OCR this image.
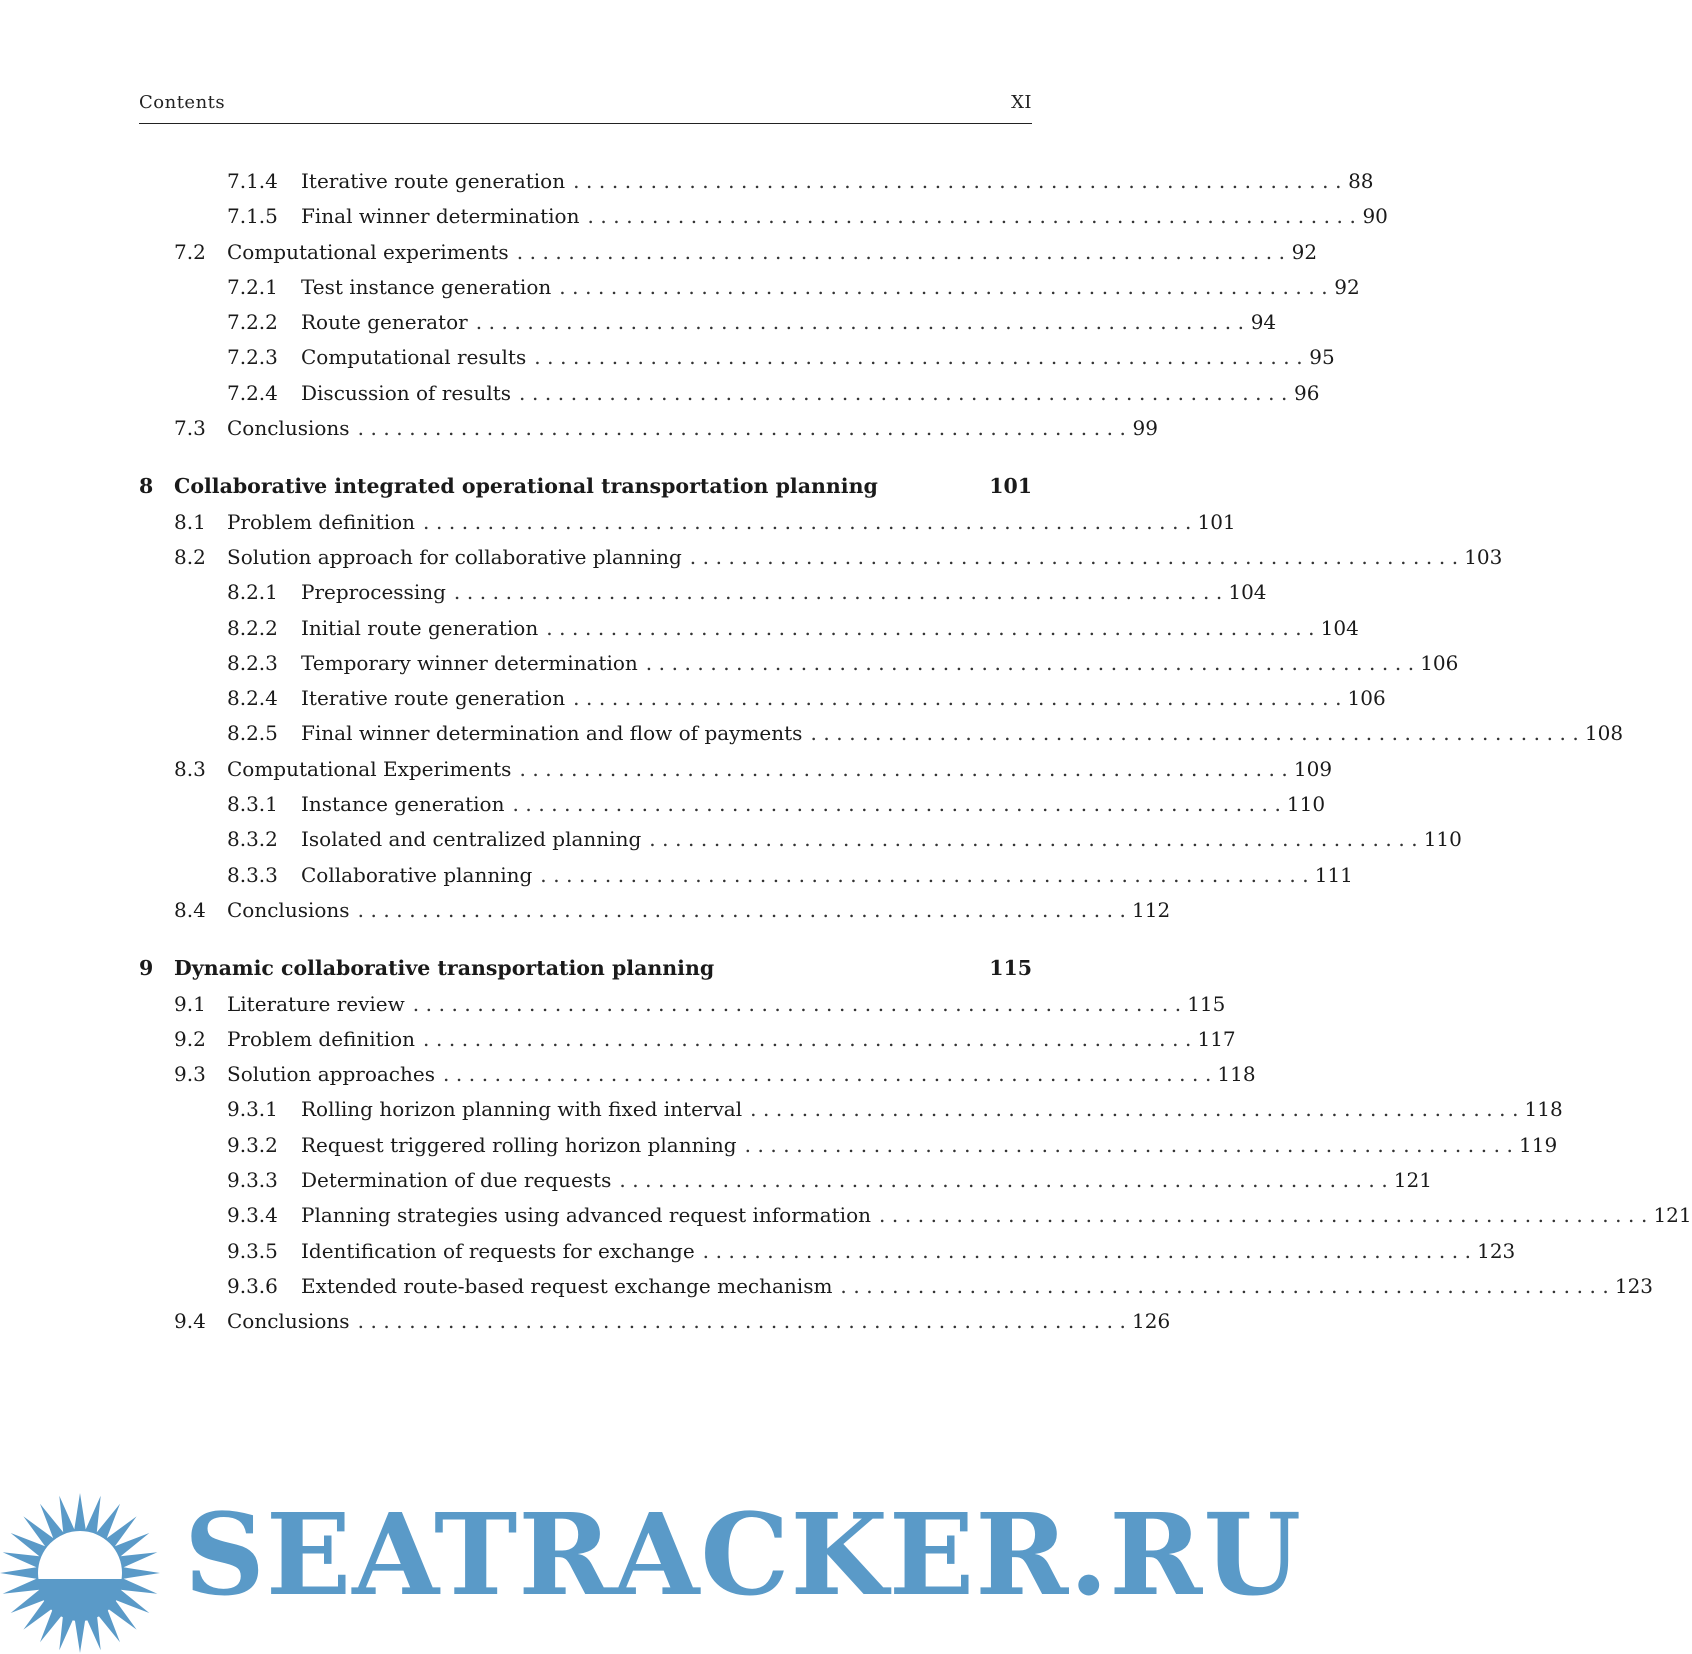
Contents	XI
7.1.4	Iterative route generation . . . . . . . . . . . . . . . . . . . . . . . . . . . . . . . . . . . . . . . . . . . . . . . . . . . . . . . . . . . . 88
7.1.5	Final winner determination . . . . . . . . . . . . . . . . . . . . . . . . . . . . . . . . . . . . . . . . . . . . . . . . . . . . . . . . . . . . 90
7.2	Computational experiments . . . . . . . . . . . . . . . . . . . . . . . . . . . . . . . . . . . . . . . . . . . . . . . . . . . . . . . . . . . . 92
7.2.1	Test instance generation . . . . . . . . . . . . . . . . . . . . . . . . . . . . . . . . . . . . . . . . . . . . . . . . . . . . . . . . . . . . 92
7.2.2	Route generator . . . . . . . . . . . . . . . . . . . . . . . . . . . . . . . . . . . . . . . . . . . . . . . . . . . . . . . . . . . . 94
7.2.3	Computational results . . . . . . . . . . . . . . . . . . . . . . . . . . . . . . . . . . . . . . . . . . . . . . . . . . . . . . . . . . . . 95
7.2.4	Discussion of results . . . . . . . . . . . . . . . . . . . . . . . . . . . . . . . . . . . . . . . . . . . . . . . . . . . . . . . . . . . . 96
7.3	Conclusions . . . . . . . . . . . . . . . . . . . . . . . . . . . . . . . . . . . . . . . . . . . . . . . . . . . . . . . . . . . . 99
8	Collaborative integrated operational transportation planning	101
8.1	Problem definition . . . . . . . . . . . . . . . . . . . . . . . . . . . . . . . . . . . . . . . . . . . . . . . . . . . . . . . . . . . . 101
8.2	Solution approach for collaborative planning . . . . . . . . . . . . . . . . . . . . . . . . . . . . . . . . . . . . . . . . . . . . . . . . . . . . . . . . . . . . 103
8.2.1	Preprocessing . . . . . . . . . . . . . . . . . . . . . . . . . . . . . . . . . . . . . . . . . . . . . . . . . . . . . . . . . . . . 104
8.2.2	Initial route generation . . . . . . . . . . . . . . . . . . . . . . . . . . . . . . . . . . . . . . . . . . . . . . . . . . . . . . . . . . . . 104
8.2.3	Temporary winner determination . . . . . . . . . . . . . . . . . . . . . . . . . . . . . . . . . . . . . . . . . . . . . . . . . . . . . . . . . . . . 106
8.2.4	Iterative route generation . . . . . . . . . . . . . . . . . . . . . . . . . . . . . . . . . . . . . . . . . . . . . . . . . . . . . . . . . . . . 106
8.2.5	Final winner determination and flow of payments . . . . . . . . . . . . . . . . . . . . . . . . . . . . . . . . . . . . . . . . . . . . . . . . . . . . . . . . . . . . 108
8.3	Computational Experiments . . . . . . . . . . . . . . . . . . . . . . . . . . . . . . . . . . . . . . . . . . . . . . . . . . . . . . . . . . . . 109
8.3.1	Instance generation . . . . . . . . . . . . . . . . . . . . . . . . . . . . . . . . . . . . . . . . . . . . . . . . . . . . . . . . . . . . 110
8.3.2	Isolated and centralized planning . . . . . . . . . . . . . . . . . . . . . . . . . . . . . . . . . . . . . . . . . . . . . . . . . . . . . . . . . . . . 110
8.3.3	Collaborative planning . . . . . . . . . . . . . . . . . . . . . . . . . . . . . . . . . . . . . . . . . . . . . . . . . . . . . . . . . . . . 111
8.4	Conclusions . . . . . . . . . . . . . . . . . . . . . . . . . . . . . . . . . . . . . . . . . . . . . . . . . . . . . . . . . . . . 112
9	Dynamic collaborative transportation planning	115
9.1	Literature review . . . . . . . . . . . . . . . . . . . . . . . . . . . . . . . . . . . . . . . . . . . . . . . . . . . . . . . . . . . . 115
9.2	Problem definition . . . . . . . . . . . . . . . . . . . . . . . . . . . . . . . . . . . . . . . . . . . . . . . . . . . . . . . . . . . . 117
9.3	Solution approaches . . . . . . . . . . . . . . . . . . . . . . . . . . . . . . . . . . . . . . . . . . . . . . . . . . . . . . . . . . . . 118
9.3.1	Rolling horizon planning with fixed interval . . . . . . . . . . . . . . . . . . . . . . . . . . . . . . . . . . . . . . . . . . . . . . . . . . . . . . . . . . . . 118
9.3.2	Request triggered rolling horizon planning . . . . . . . . . . . . . . . . . . . . . . . . . . . . . . . . . . . . . . . . . . . . . . . . . . . . . . . . . . . . 119
9.3.3	Determination of due requests . . . . . . . . . . . . . . . . . . . . . . . . . . . . . . . . . . . . . . . . . . . . . . . . . . . . . . . . . . . . 121
9.3.4	Planning strategies using advanced request information . . . . . . . . . . . . . . . . . . . . . . . . . . . . . . . . . . . . . . . . . . . . . . . . . . . . . . . . . . . . 121
9.3.5	Identification of requests for exchange . . . . . . . . . . . . . . . . . . . . . . . . . . . . . . . . . . . . . . . . . . . . . . . . . . . . . . . . . . . . 123
9.3.6	Extended route-based request exchange mechanism . . . . . . . . . . . . . . . . . . . . . . . . . . . . . . . . . . . . . . . . . . . . . . . . . . . . . . . . . . . . 123
9.4	Conclusions . . . . . . . . . . . . . . . . . . . . . . . . . . . . . . . . . . . . . . . . . . . . . . . . . . . . . . . . . . . . 126
SEATRACKER.RU
